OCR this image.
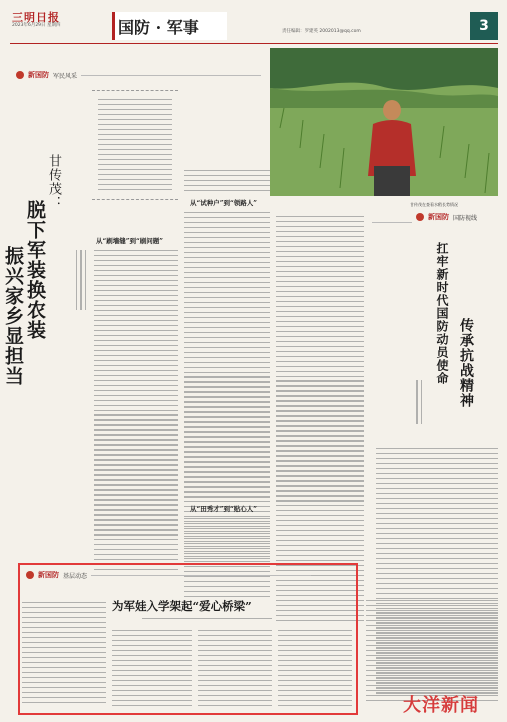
三明日报
2023年6月29日 星期四	国防 · 军事	责任编辑：罗建英 2002013@qq.com	3
新国防 军民风采
甘传茂在查看水稻长势情况
甘传茂：
脱下军装换农装
振兴家乡显担当
从“刷墙缝”到“刷问题”
从“试种户”到“领路人”
从“田秀才”到“贴心人”
新国防 国防视线
传承抗战精神
扛牢新时代国防动员使命
新国防 基层动态
为军娃入学架起“爱心桥梁”
大洋新闻
